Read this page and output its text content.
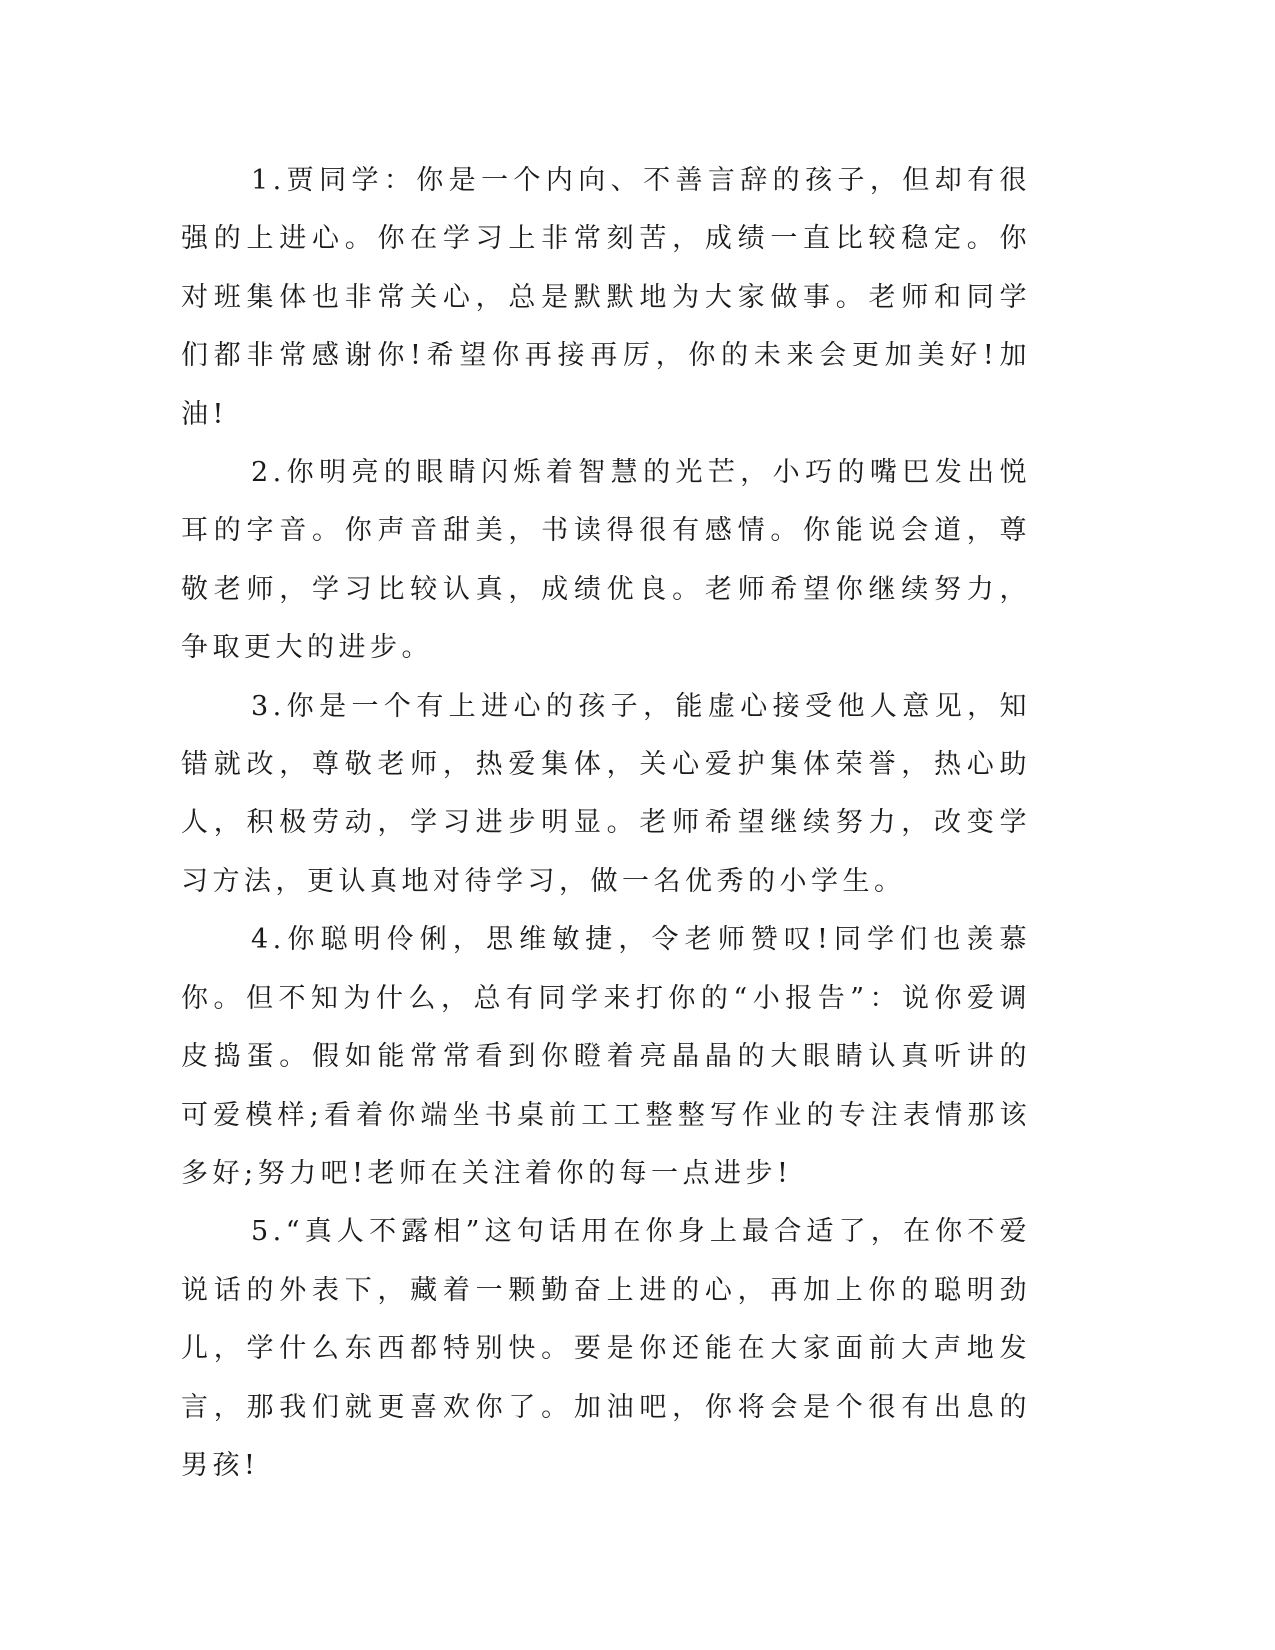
1.贾同学：你是一个内向、不善言辞的孩子，但却有很强的上进心。你在学习上非常刻苦，成绩一直比较稳定。你对班集体也非常关心，总是默默地为大家做事。老师和同学们都非常感谢你!希望你再接再厉，你的未来会更加美好!加油!

2.你明亮的眼睛闪烁着智慧的光芒，小巧的嘴巴发出悦耳的字音。你声音甜美，书读得很有感情。你能说会道，尊敬老师，学习比较认真，成绩优良。老师希望你继续努力，争取更大的进步。

3.你是一个有上进心的孩子，能虚心接受他人意见，知错就改，尊敬老师，热爱集体，关心爱护集体荣誉，热心助人，积极劳动，学习进步明显。老师希望继续努力，改变学习方法，更认真地对待学习，做一名优秀的小学生。

4.你聪明伶俐，思维敏捷，令老师赞叹!同学们也羡慕你。但不知为什么，总有同学来打你的“小报告”：说你爱调皮捣蛋。假如能常常看到你瞪着亮晶晶的大眼睛认真听讲的可爱模样;看着你端坐书桌前工工整整写作业的专注表情那该多好;努力吧!老师在关注着你的每一点进步!

5.“真人不露相”这句话用在你身上最合适了，在你不爱说话的外表下，藏着一颗勤奋上进的心，再加上你的聪明劲儿，学什么东西都特别快。要是你还能在大家面前大声地发言，那我们就更喜欢你了。加油吧，你将会是个很有出息的男孩!
